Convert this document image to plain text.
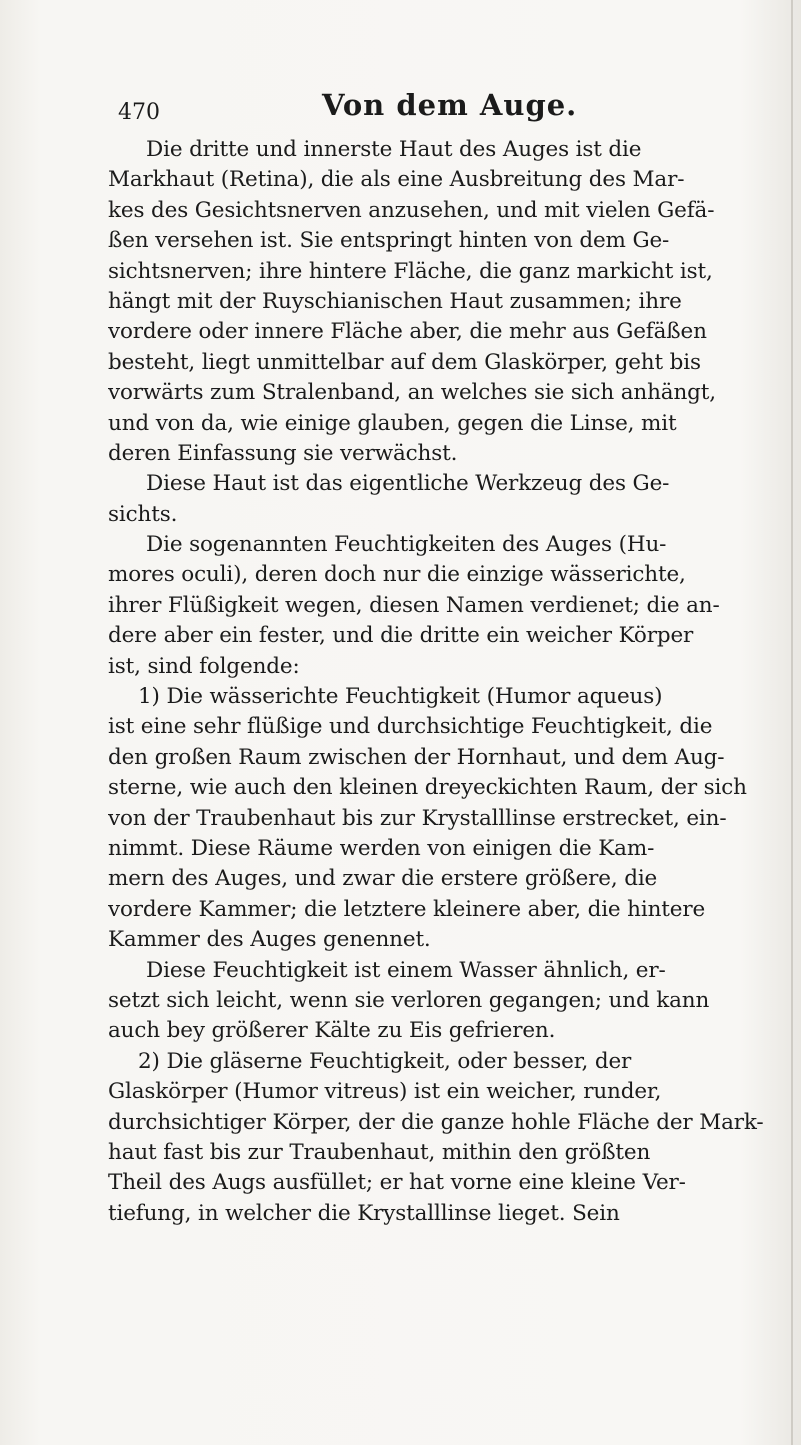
470	Von dem Auge.
Die dritte und innerste Haut des Auges ist die
Markhaut (Retina), die als eine Ausbreitung des Mar-
kes des Gesichtsnerven anzusehen, und mit vielen Gefä-
ßen versehen ist. Sie entspringt hinten von dem Ge-
sichtsnerven; ihre hintere Fläche, die ganz markicht ist,
hängt mit der Ruyschianischen Haut zusammen; ihre
vordere oder innere Fläche aber, die mehr aus Gefäßen
besteht, liegt unmittelbar auf dem Glaskörper, geht bis
vorwärts zum Stralenband, an welches sie sich anhängt,
und von da, wie einige glauben, gegen die Linse, mit
deren Einfassung sie verwächst.
Diese Haut ist das eigentliche Werkzeug des Ge-
sichts.
Die sogenannten Feuchtigkeiten des Auges (Hu-
mores oculi), deren doch nur die einzige wässerichte,
ihrer Flüßigkeit wegen, diesen Namen verdienet; die an-
dere aber ein fester, und die dritte ein weicher Körper
ist, sind folgende:
1) Die wässerichte Feuchtigkeit (Humor aqueus)
ist eine sehr flüßige und durchsichtige Feuchtigkeit, die
den großen Raum zwischen der Hornhaut, und dem Aug-
sterne, wie auch den kleinen dreyeckichten Raum, der sich
von der Traubenhaut bis zur Krystalllinse erstrecket, ein-
nimmt. Diese Räume werden von einigen die Kam-
mern des Auges, und zwar die erstere größere, die
vordere Kammer; die letztere kleinere aber, die hintere
Kammer des Auges genennet.
Diese Feuchtigkeit ist einem Wasser ähnlich, er-
setzt sich leicht, wenn sie verloren gegangen; und kann
auch bey größerer Kälte zu Eis gefrieren.
2) Die gläserne Feuchtigkeit, oder besser, der
Glaskörper (Humor vitreus) ist ein weicher, runder,
durchsichtiger Körper, der die ganze hohle Fläche der Mark-
haut fast bis zur Traubenhaut, mithin den größten
Theil des Augs ausfüllet; er hat vorne eine kleine Ver-
tiefung, in welcher die Krystalllinse lieget. Sein
